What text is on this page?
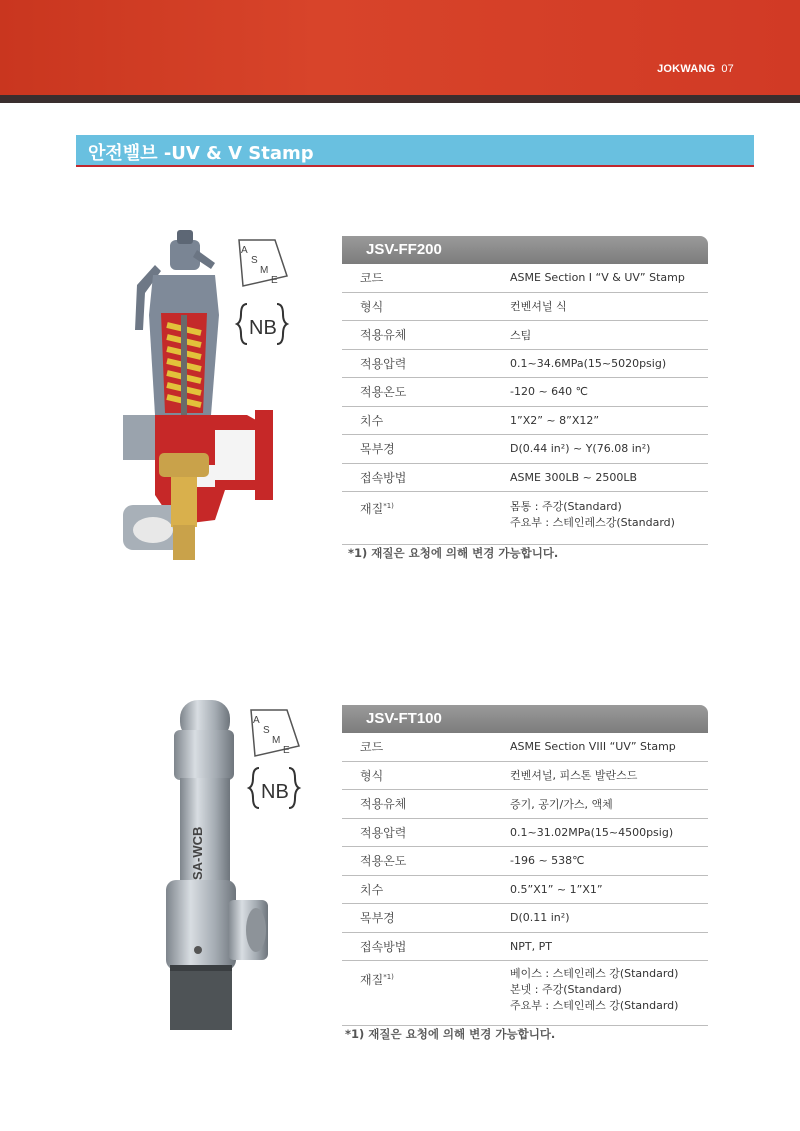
JOKWANG 07
안전밸브 -UV & V Stamp
A
S
M
E
NB
JSV-FF200
코드	ASME Section I “V & UV” Stamp
형식	컨벤셔널 식
적용유체	스팀
적용압력	0.1~34.6MPa(15~5020psig)
적용온도	-120 ~ 640 ℃
치수	1”X2” ~ 8”X12”
목부경	D(0.44 in²) ~ Y(76.08 in²)
접속방법	ASME 300LB ~ 2500LB
재질$^{*1)}$	몸통 : 주강(Standard)
주요부 : 스테인레스강(Standard)
*1) 재질은 요청에 의해 변경 가능합니다.
SA-WCB
A
S
M
E
NB
JSV-FT100
코드	ASME Section VIII “UV” Stamp
형식	컨벤셔널, 피스톤 발란스드
적용유체	증기, 공기/가스, 액체
적용압력	0.1~31.02MPa(15~4500psig)
적용온도	-196 ~ 538℃
치수	0.5”X1” ~ 1”X1”
목부경	D(0.11 in²)
접속방법	NPT, PT
재질$^{*1)}$	베이스 : 스테인레스 강(Standard)
본넷 : 주강(Standard)
주요부 : 스테인레스 강(Standard)
*1) 재질은 요청에 의해 변경 가능합니다.
